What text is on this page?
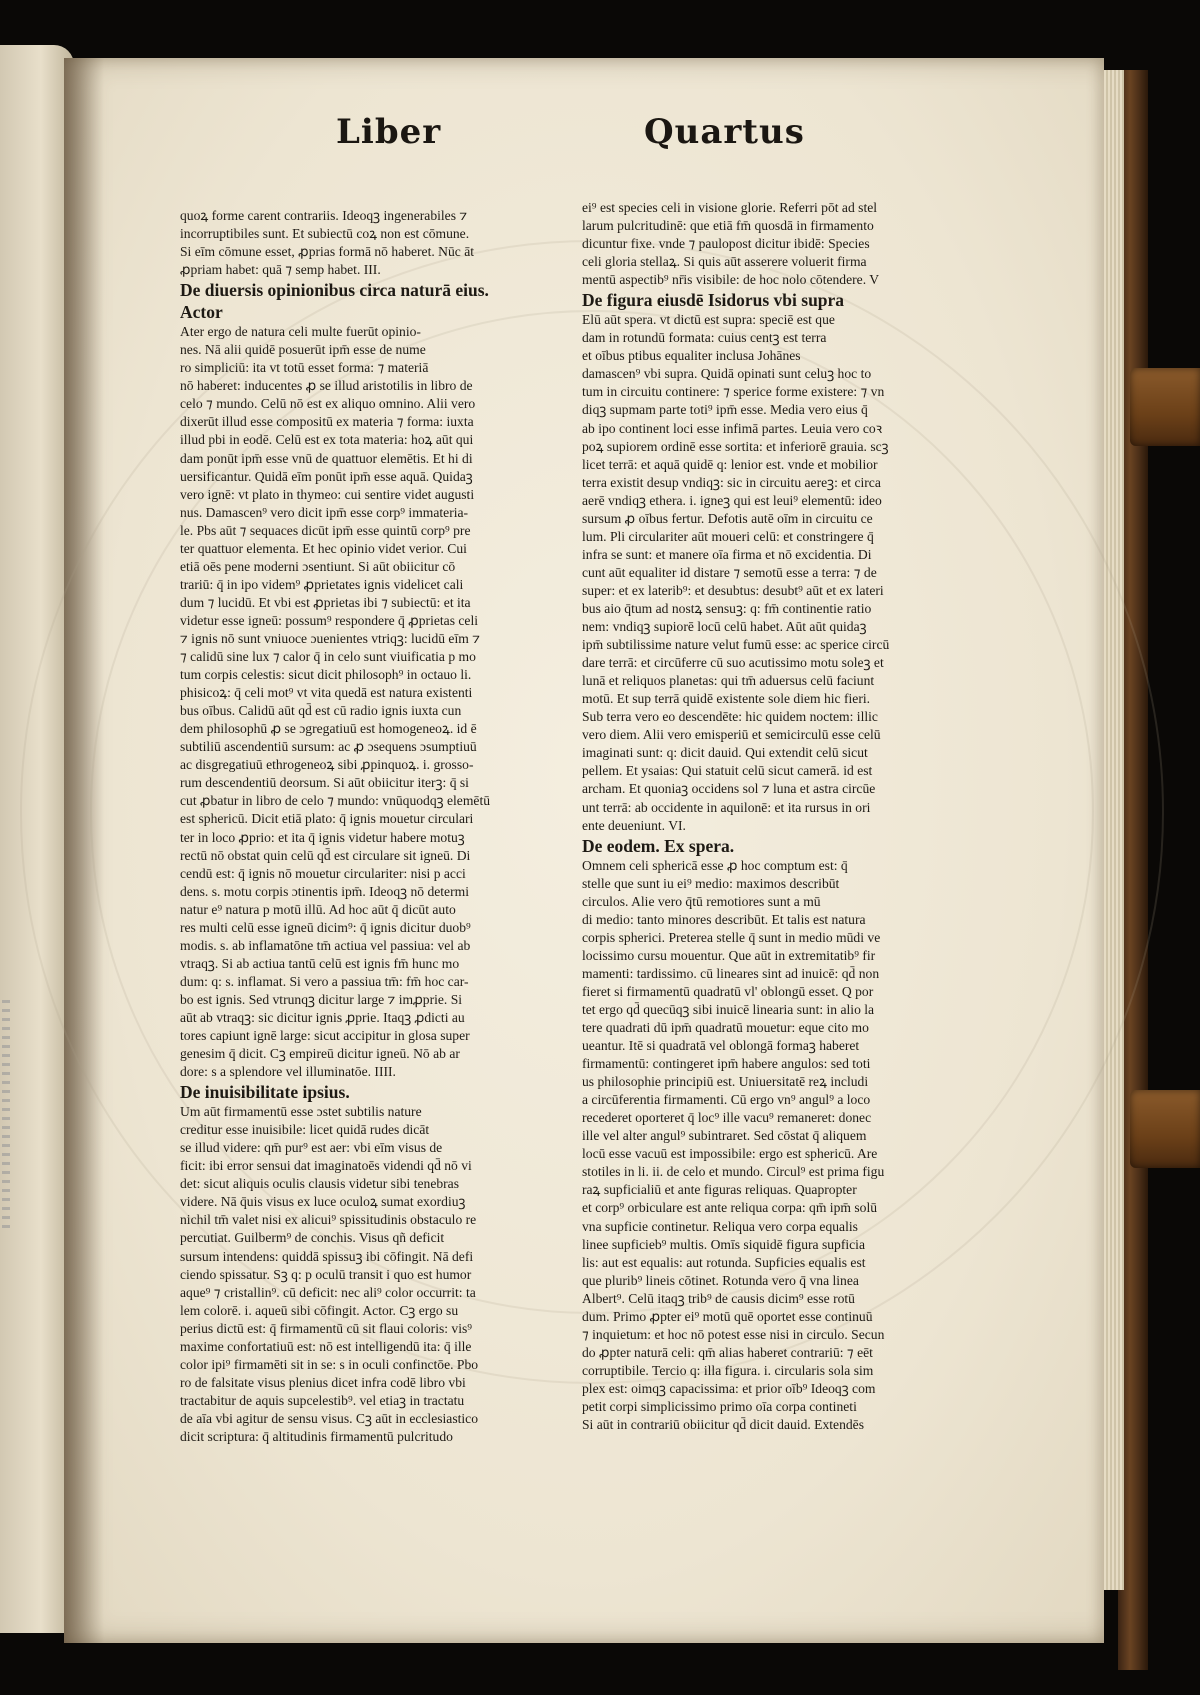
Liber	Quartus

quoꝝ forme carent contrariis. Ideoqꝫ ingenerabiles ⁊

incorruptibiles sunt. Et subiectū coꝝ non est cōmune.

Si eīm cōmune esset, ꝓprias formā nō haberet. Nūc āt

ꝓpriam habet: quā ⁊ semp habet. III.

De diuersis opinionibus circa naturā eius.

Actor

Ater ergo de natura celi multe fuerūt opinio-

nes. Nā alii quidē posuerūt ipm̄ esse de nume

ro simpliciū: ita vt totū esset forma: ⁊ materiā

nō haberet: inducentes ꝓ se illud aristotilis in libro de

celo ⁊ mundo. Celū nō est ex aliquo omnino. Alii vero

dixerūt illud esse compositū ex materia ⁊ forma: iuxta

illud pbi in eodē. Celū est ex tota materia: hoꝝ aūt qui

dam ponūt ipm̄ esse vnū de quattuor elemētis. Et hi di

uersificantur. Quidā eīm ponūt ipm̄ esse aquā. Quidaꝫ

vero ignē: vt plato in thymeo: cui sentire videt augusti

nus. Damascen⁹ vero dicit ipm̄ esse corp⁹ immateria-

le. Pbs aūt ⁊ sequaces dicūt ipm̄ esse quintū corp⁹ pre

ter quattuor elementa. Et hec opinio videt verior. Cui

etiā oēs pene moderni ɔsentiunt. Si aūt obiicitur cō

trariū: q̄ in ipo videm⁹ ꝓprietates ignis videlicet cali

dum ⁊ lucidū. Et vbi est ꝓprietas ibi ⁊ subiectū: et ita

videtur esse igneū: possum⁹ respondere q̄ ꝓprietas celi

⁊ ignis nō sunt vniuoce ɔuenientes vtriqꝫ: lucidū eīm ⁊

⁊ calidū sine lux ⁊ calor q̄ in celo sunt viuificatia p mo

tum corpis celestis: sicut dicit philosoph⁹ in octauo li.

phisicoꝝ: q̄ celi mot⁹ vt vita quedā est natura existenti

bus oībus. Calidū aūt qd̄ est cū radio ignis iuxta cun

dem philosophū ꝓ se ɔgregatiuū est homogeneoꝝ. id ē

subtiliū ascendentiū sursum: ac ꝓ ɔsequens ɔsumptiuū

ac disgregatiuū ethrogeneoꝝ sibi ꝓpinquoꝝ. i. grosso-

rum descendentiū deorsum. Si aūt obiicitur iterꝫ: q̄ si

cut ꝓbatur in libro de celo ⁊ mundo: vnūquodqꝫ elemētū

est sphericū. Dicit etiā plato: q̄ ignis mouetur circulari

ter in loco ꝓprio: et ita q̄ ignis videtur habere motuꝫ

rectū nō obstat quin celū qd̄ est circulare sit igneū. Di

cendū est: q̄ ignis nō mouetur circulariter: nisi p acci

dens. s. motu corpis ɔtinentis ipm̄. Ideoqꝫ nō determi

natur e⁹ natura p motū illū. Ad hoc aūt q̄ dicūt auto

res multi celū esse igneū dicim⁹: q̄ ignis dicitur duob⁹

modis. s. ab inflamatōne tm̄ actiua vel passiua: vel ab

vtraqꝫ. Si ab actiua tantū celū est ignis fm̄ hunc mo

dum: q: s. inflamat. Si vero a passiua tm̄: fm̄ hoc car-

bo est ignis. Sed vtrunqꝫ dicitur large ⁊ imꝓprie. Si

aūt ab vtraqꝫ: sic dicitur ignis ꝓprie. Itaqꝫ ꝓdicti au

tores capiunt ignē large: sicut accipitur in glosa super

genesim q̄ dicit. Cꝫ empireū dicitur igneū. Nō ab ar

dore: s a splendore vel illuminatōe. IIII.

De inuisibilitate ipsius.

Um aūt firmamentū esse ɔstet subtilis nature

creditur esse inuisibile: licet quidā rudes dicāt

se illud videre: qm̄ pur⁹ est aer: vbi eīm visus de

ficit: ibi error sensui dat imaginatoēs videndi qd̄ nō vi

det: sicut aliquis oculis clausis videtur sibi tenebras

videre. Nā q̄uis visus ex luce oculoꝝ sumat exordiuꝫ

nichil tm̄ valet nisi ex alicui⁹ spissitudinis obstaculo re

percutiat. Guilberm⁹ de conchis. Visus qñ deficit

sursum intendens: quiddā spissuꝫ ibi cōfingit. Nā defi

ciendo spissatur. Sꝫ q: p oculū transit i quo est humor

aque⁹ ⁊ cristallin⁹. cū deficit: nec ali⁹ color occurrit: ta

lem colorē. i. aqueū sibi cōfingit. Actor. Cꝫ ergo su

perius dictū est: q̄ firmamentū cū sit flaui coloris: vis⁹

maxime confortatiuū est: nō est intelligendū ita: q̄ ille

color ipi⁹ firmamēti sit in se: s in oculi confinctōe. Pbo

ro de falsitate visus plenius dicet infra codē libro vbi

tractabitur de aquis supcelestib⁹. vel etiaꝫ in tractatu

de aīa vbi agitur de sensu visus. Cꝫ aūt in ecclesiastico

dicit scriptura: q̄ altitudinis firmamentū pulcritudo

ei⁹ est species celi in visione glorie. Referri pōt ad stel

larum pulcritudinē: que etiā fm̄ quosdā in firmamento

dicuntur fixe. vnde ⁊ paulopost dicitur ibidē: Species

celi gloria stellaꝝ. Si quis aūt asserere voluerit firma

mentū aspectib⁹ nr̄is visibile: de hoc nolo cōtendere. V

De figura eiusdē Isidorus vbi supra

Elū aūt spera. vt dictū est supra: speciē est que

dam in rotundū formata: cuius centꝫ est terra

et oībus ptibus equaliter inclusa Johānes

damascen⁹ vbi supra. Quidā opinati sunt celuꝫ hoc to

tum in circuitu continere: ⁊ sperice forme existere: ⁊ vn

diqꝫ supmam parte toti⁹ ipm̄ esse. Media vero eius q̄

ab ipo continent loci esse infimā partes. Leuia vero coꝛ

poꝝ supiorem ordinē esse sortita: et inferiorē grauia. scꝫ

licet terrā: et aquā quidē q: lenior est. vnde et mobilior

terra existit desup vndiqꝫ: sic in circuitu aereꝫ: et circa

aerē vndiqꝫ ethera. i. igneꝫ qui est leui⁹ elementū: ideo

sursum ꝓ oībus fertur. Defotis autē oīm in circuitu ce

lum. Pli circulariter aūt moueri celū: et constringere q̄

infra se sunt: et manere oīa firma et nō excidentia. Di

cunt aūt equaliter id distare ⁊ semotū esse a terra: ⁊ de

super: et ex laterib⁹: et desubtus: desubt⁹ aūt et ex lateri

bus aio q̄tum ad nostꝝ sensuꝫ: q: fm̄ continentie ratio

nem: vndiqꝫ supiorē locū celū habet. Aūt aūt quidaꝫ

ipm̄ subtilissime nature velut fumū esse: ac sperice circū

dare terrā: et circūferre cū suo acutissimo motu soleꝫ et

lunā et reliquos planetas: qui tm̄ aduersus celū faciunt

motū. Et sup terrā quidē existente sole diem hic fieri.

Sub terra vero eo descendēte: hic quidem noctem: illic

vero diem. Alii vero emisperiū et semicirculū esse celū

imaginati sunt: q: dicit dauid. Qui extendit celū sicut

pellem. Et ysaias: Qui statuit celū sicut camerā. id est

archam. Et quoniaꝫ occidens sol ⁊ luna et astra circūe

unt terrā: ab occidente in aquilonē: et ita rursus in ori

ente deueniunt. VI.

De eodem. Ex spera.

Omnem celi sphericā esse ꝓ hoc comptum est: q̄

stelle que sunt iu ei⁹ medio: maximos describūt

circulos. Alie vero q̄tū remotiores sunt a mū

di medio: tanto minores describūt. Et talis est natura

corpis spherici. Preterea stelle q̄ sunt in medio mūdi ve

locissimo cursu mouentur. Que aūt in extremitatib⁹ fir

mamenti: tardissimo. cū lineares sint ad inuicē: qd̄ non

fieret si firmamentū quadratū vl' oblongū esset. Q por

tet ergo qd̄ quecūqꝫ sibi inuicē linearia sunt: in alio la

tere quadrati dū ipm̄ quadratū mouetur: eque cito mo

ueantur. Itē si quadratā vel oblongā formaꝫ haberet

firmamentū: contingeret ipm̄ habere angulos: sed toti

us philosophie principiū est. Uniuersitatē reꝝ includi

a circūferentia firmamenti. Cū ergo vn⁹ angul⁹ a loco

recederet oporteret q̄ loc⁹ ille vacu⁹ remaneret: donec

ille vel alter angul⁹ subintraret. Sed cōstat q̄ aliquem

locū esse vacuū est impossibile: ergo est sphericū. Are

stotiles in li. ii. de celo et mundo. Circul⁹ est prima figu

raꝝ supficialiū et ante figuras reliquas. Quapropter

et corp⁹ orbiculare est ante reliqua corpa: qm̄ ipm̄ solū

vna supficie continetur. Reliqua vero corpa equalis

linee supficieb⁹ multis. Omīs siquidē figura supficia

lis: aut est equalis: aut rotunda. Supficies equalis est

que plurib⁹ lineis cōtinet. Rotunda vero q̄ vna linea

Albert⁹. Celū itaqꝫ trib⁹ de causis dicim⁹ esse rotū

dum. Primo ꝓpter ei⁹ motū quē oportet esse continuū

⁊ inquietum: et hoc nō potest esse nisi in circulo. Secun

do ꝓpter naturā celi: qm̄ alias haberet contrariū: ⁊ eēt

corruptibile. Tercio q: illa figura. i. circularis sola sim

plex est: oimqꝫ capacissima: et prior oīb⁹ Ideoqꝫ com

petit corpi simplicissimo primo oīa corpa contineti

Si aūt in contrariū obiicitur qd̄ dicit dauid. Extendēs
